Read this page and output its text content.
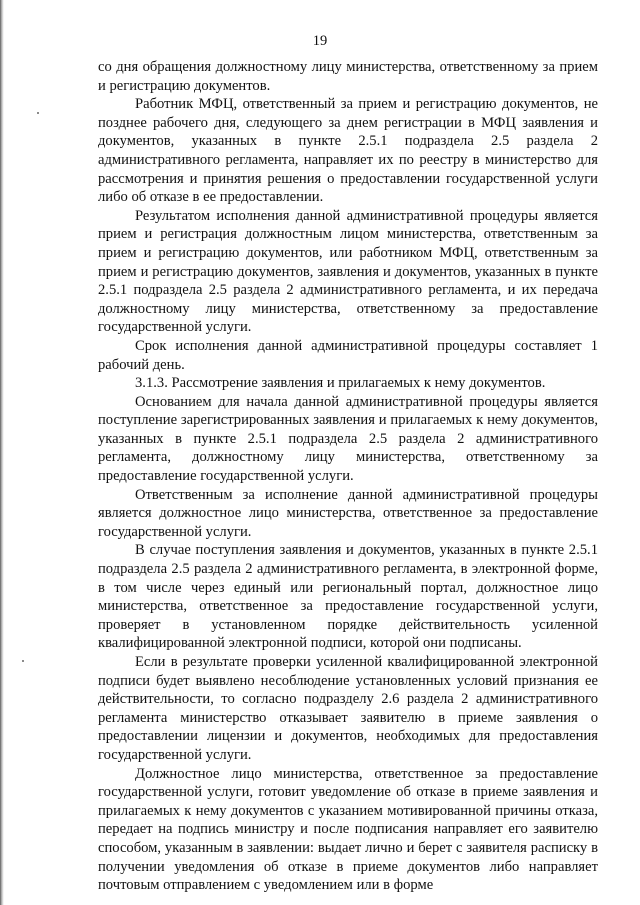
19

со дня обращения должностному лицу министерства, ответственному за прием и регистрацию документов.

Работник МФЦ, ответственный за прием и регистрацию документов, не позднее рабочего дня, следующего за днем регистрации в МФЦ заявления и документов, указанных в пункте 2.5.1 подраздела 2.5 раздела 2 административного регламента, направляет их по реестру в министерство для рассмотрения и принятия решения о предоставлении государственной услуги либо об отказе в ее предоставлении.

Результатом исполнения данной административной процедуры является прием и регистрация должностным лицом министерства, ответственным за прием и регистрацию документов, или работником МФЦ, ответственным за прием и регистрацию документов, заявления и документов, указанных в пункте 2.5.1 подраздела 2.5 раздела 2 административного регламента, и их передача должностному лицу министерства, ответственному за предоставление государственной услуги.

Срок исполнения данной административной процедуры составляет 1 рабочий день.

3.1.3. Рассмотрение заявления и прилагаемых к нему документов.

Основанием для начала данной административной процедуры является поступление зарегистрированных заявления и прилагаемых к нему документов, указанных в пункте 2.5.1 подраздела 2.5 раздела 2 административного регламента, должностному лицу министерства, ответственному за предоставление государственной услуги.

Ответственным за исполнение данной административной процедуры является должностное лицо министерства, ответственное за предоставление государственной услуги.

В случае поступления заявления и документов, указанных в пункте 2.5.1 подраздела 2.5 раздела 2 административного регламента, в электронной форме, в том числе через единый или региональный портал, должностное лицо министерства, ответственное за предоставление государственной услуги, проверяет в установленном порядке действительность усиленной квалифицированной электронной подписи, которой они подписаны.

Если в результате проверки усиленной квалифицированной электронной подписи будет выявлено несоблюдение установленных условий признания ее действительности, то согласно подразделу 2.6 раздела 2 административного регламента министерство отказывает заявителю в приеме заявления о предоставлении лицензии и документов, необходимых для предоставления государственной услуги.

Должностное лицо министерства, ответственное за предоставление государственной услуги, готовит уведомление об отказе в приеме заявления и прилагаемых к нему документов с указанием мотивированной причины отказа, передает на подпись министру и после подписания направляет его заявителю способом, указанным в заявлении: выдает лично и берет с заявителя расписку в получении уведомления об отказе в приеме документов либо направляет почтовым отправлением с уведомлением или в форме
